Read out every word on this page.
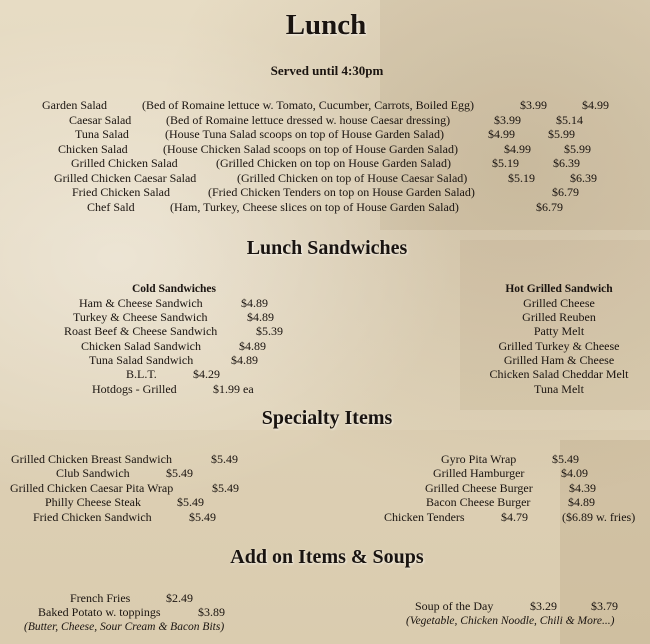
Lunch
Served until 4:30pm
Garden Salad	(Bed of Romaine lettuce w. Tomato, Cucumber, Carrots, Boiled Egg)	$3.99	$4.99
Caesar Salad	(Bed of Romaine lettuce dressed w. house Caesar dressing)	$3.99	$5.14
Tuna Salad	(House Tuna Salad scoops on top of House Garden Salad)	$4.99	$5.99
Chicken Salad	(House Chicken Salad scoops on top of House Garden Salad)	$4.99	$5.99
Grilled Chicken Salad	(Grilled Chicken on top on House Garden Salad)	$5.19	$6.39
Grilled Chicken Caesar Salad	(Grilled Chicken on top of House Caesar Salad)	$5.19	$6.39
Fried Chicken Salad	(Fried Chicken Tenders on top on House Garden Salad)	$6.79
Chef Sald	(Ham, Turkey, Cheese slices on top of House Garden Salad)	$6.79
Lunch Sandwiches
Cold Sandwiches
Ham & Cheese Sandwich	$4.89
Turkey & Cheese Sandwich	$4.89
Roast Beef & Cheese Sandwich	$5.39
Chicken Salad Sandwich	$4.89
Tuna Salad Sandwich	$4.89
B.L.T.	$4.29
Hotdogs - Grilled	$1.99 ea
Hot Grilled Sandwich
Grilled Cheese
Grilled Reuben
Patty Melt
Grilled Turkey & Cheese
Grilled Ham & Cheese
Chicken Salad Cheddar Melt
Tuna Melt
Specialty Items
Grilled Chicken Breast Sandwich	$5.49
Club Sandwich	$5.49
Grilled Chicken Caesar Pita Wrap	$5.49
Philly Cheese Steak	$5.49
Fried Chicken Sandwich	$5.49
Gyro Pita Wrap	$5.49
Grilled Hamburger	$4.09
Grilled Cheese Burger	$4.39
Bacon Cheese Burger	$4.89
Chicken Tenders	$4.79	($6.89 w. fries)
Add on Items & Soups
French Fries	$2.49
Baked Potato w. toppings	$3.89
(Butter, Cheese, Sour Cream & Bacon Bits)
Soup of the Day	$3.29	$3.79
(Vegetable, Chicken Noodle, Chili & More...)
